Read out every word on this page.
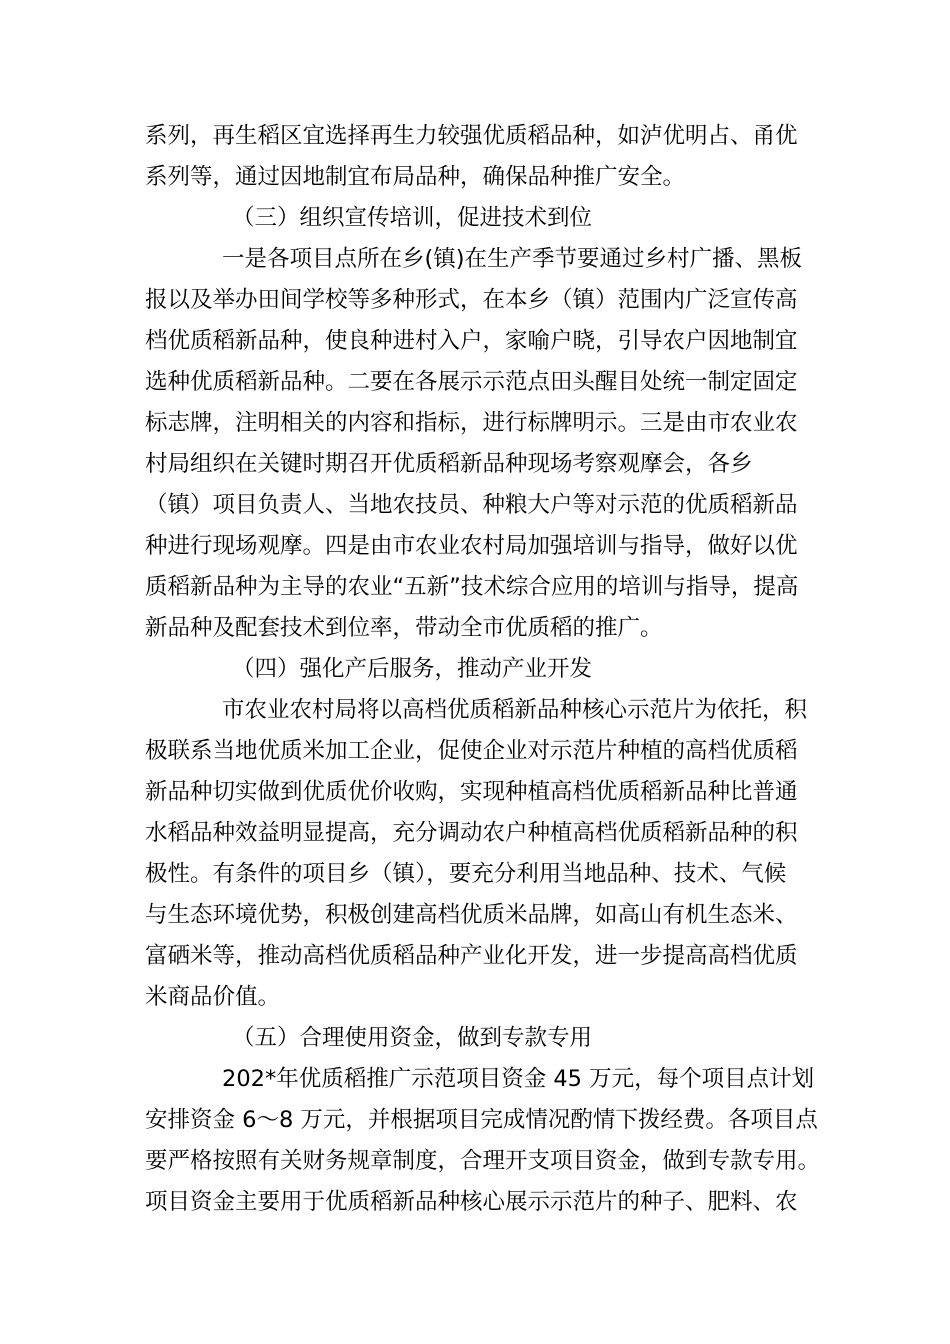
系列，再生稻区宜选择再生力较强优质稻品种，如泸优明占、甬优
系列等，通过因地制宜布局品种，确保品种推广安全。
（三）组织宣传培训，促进技术到位
一是各项目点所在乡(镇)在生产季节要通过乡村广播、黑板
报以及举办田间学校等多种形式，在本乡（镇）范围内广泛宣传高
档优质稻新品种，使良种进村入户，家喻户晓，引导农户因地制宜
选种优质稻新品种。二要在各展示示范点田头醒目处统一制定固定
标志牌，注明相关的内容和指标，进行标牌明示。三是由市农业农
村局组织在关键时期召开优质稻新品种现场考察观摩会，各乡
（镇）项目负责人、当地农技员、种粮大户等对示范的优质稻新品
种进行现场观摩。四是由市农业农村局加强培训与指导，做好以优
质稻新品种为主导的农业“五新”技术综合应用的培训与指导，提高
新品种及配套技术到位率，带动全市优质稻的推广。
（四）强化产后服务，推动产业开发
市农业农村局将以高档优质稻新品种核心示范片为依托，积
极联系当地优质米加工企业，促使企业对示范片种植的高档优质稻
新品种切实做到优质优价收购，实现种植高档优质稻新品种比普通
水稻品种效益明显提高，充分调动农户种植高档优质稻新品种的积
极性。有条件的项目乡（镇），要充分利用当地品种、技术、气候
与生态环境优势，积极创建高档优质米品牌，如高山有机生态米、
富硒米等，推动高档优质稻品种产业化开发，进一步提高高档优质
米商品价值。
（五）合理使用资金，做到专款专用
202*年优质稻推广示范项目资金 45 万元，每个项目点计划
安排资金 6～8 万元，并根据项目完成情况酌情下拨经费。各项目点
要严格按照有关财务规章制度，合理开支项目资金，做到专款专用。
项目资金主要用于优质稻新品种核心展示示范片的种子、肥料、农
